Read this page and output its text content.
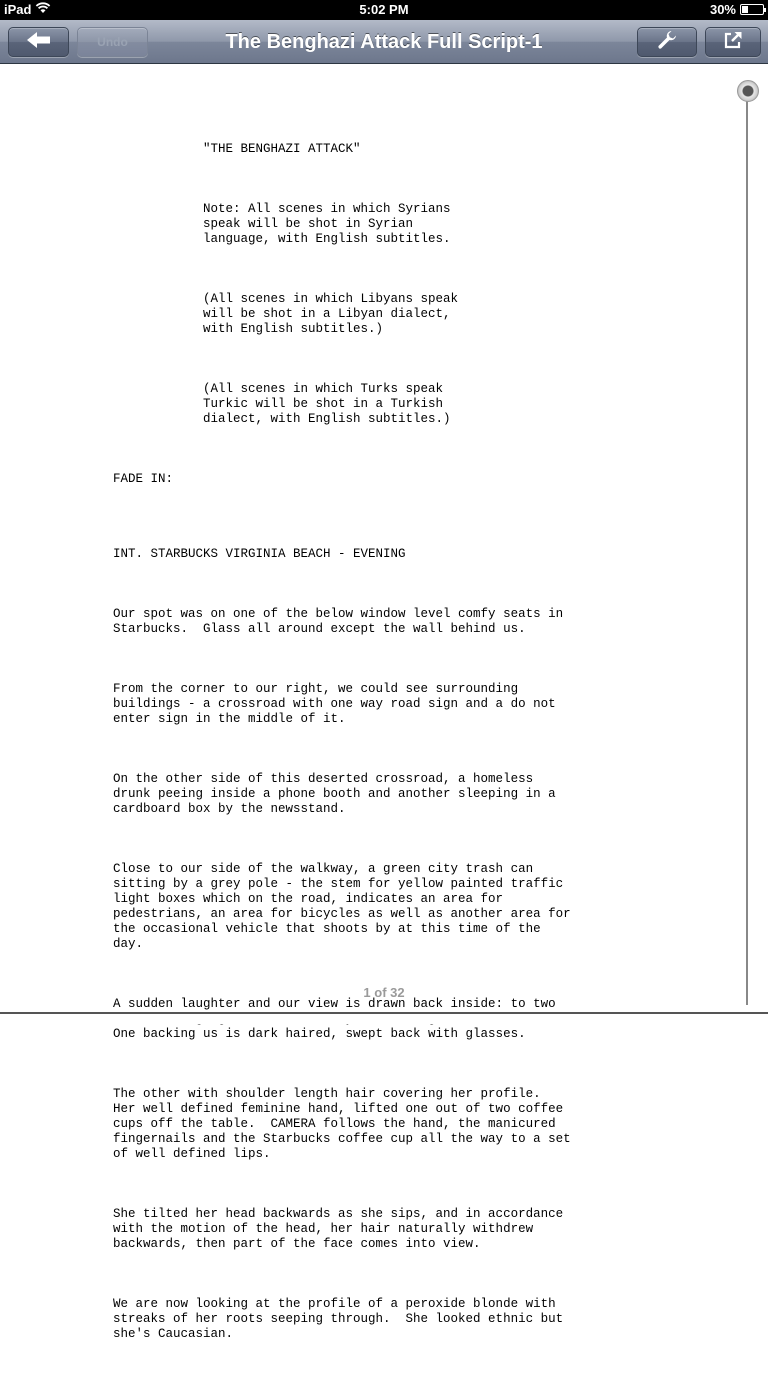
iPad	5:02 PM	30%
Undo	The Benghazi Attack Full Script-1

"THE BENGHAZI ATTACK"

Note: All scenes in which Syrians
speak will be shot in Syrian
language, with English subtitles.

(All scenes in which Libyans speak
will be shot in a Libyan dialect,
with English subtitles.)

(All scenes in which Turks speak
Turkic will be shot in a Turkish
dialect, with English subtitles.)

FADE IN:

INT. STARBUCKS VIRGINIA BEACH - EVENING

Our spot was on one of the below window level comfy seats in
Starbucks.  Glass all around except the wall behind us.

From the corner to our right, we could see surrounding
buildings - a crossroad with one way road sign and a do not
enter sign in the middle of it.

On the other side of this deserted crossroad, a homeless
drunk peeing inside a phone booth and another sleeping in a
cardboard box by the newsstand.

Close to our side of the walkway, a green city trash can
sitting by a grey pole - the stem for yellow painted traffic
light boxes which on the road, indicates an area for
pedestrians, an area for bicycles as well as another area for
the occasional vehicle that shoots by at this time of the
day.

A sudden laughter and our view is drawn back inside: to two

One backing us is dark haired, swept back with glasses.

The other with shoulder length hair covering her profile.
Her well defined feminine hand, lifted one out of two coffee
cups off the table.  CAMERA follows the hand, the manicured
fingernails and the Starbucks coffee cup all the way to a set
of well defined lips.

She tilted her head backwards as she sips, and in accordance
with the motion of the head, her hair naturally withdrew
backwards, then part of the face comes into view.

We are now looking at the profile of a peroxide blonde with
streaks of her roots seeping through.  She looked ethnic but
she's Caucasian.

1 of 32
